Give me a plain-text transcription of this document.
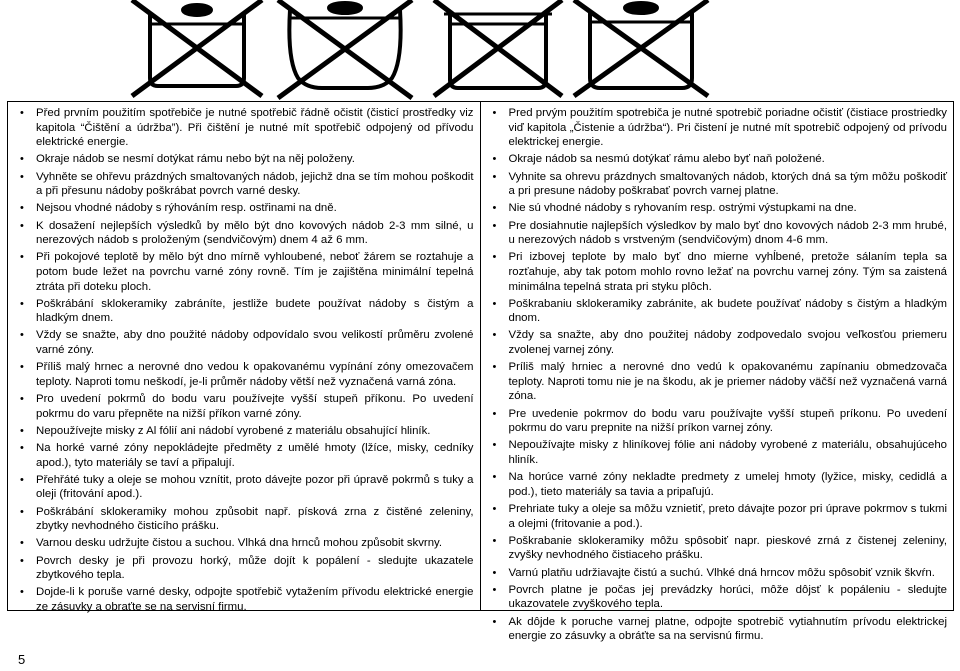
• Před prvním použitím spotřebiče je nutné spotřebič řádně očistit (čisticí prostředky viz kapitola “Čištění a údržba”). Při čištění je nutné mít spotřebič odpojený od přívodu elektrické energie.
• Okraje nádob se nesmí dotýkat rámu nebo být na něj položeny.
• Vyhněte se ohřevu prázdných smaltovaných nádob, jejichž dna se tím mohou poškodit a při přesunu nádoby poškrábat povrch varné desky.
• Nejsou vhodné nádoby s rýhováním resp. ostřinami na dně.
• K dosažení nejlepších výsledků by mělo být dno kovových nádob 2-3 mm silné, u nerezových nádob s proloženým (sendvičovým) dnem 4 až 6 mm.
• Při pokojové teplotě by mělo být dno mírně vyhloubené, neboť žárem se roztahuje a potom bude ležet na povrchu varné zóny rovně. Tím je zajištěna minimální tepelná ztráta při doteku ploch.
• Poškrábání sklokeramiky zabráníte, jestliže budete používat nádoby s čistým a hladkým dnem.
• Vždy se snažte, aby dno použité nádoby odpovídalo svou velikostí průměru zvolené varné zóny.
• Příliš malý hrnec a nerovné dno vedou k opakovanému vypínání zóny omezovačem teploty. Naproti tomu neškodí, je-li průměr nádoby větší než vyznačená varná zóna.
• Pro uvedení pokrmů do bodu varu používejte vyšší stupeň příkonu. Po uvedení pokrmu do varu přepněte na nižší příkon varné zóny.
• Nepoužívejte misky z Al fólií ani nádobí vyrobené z materiálu obsahující hliník.
• Na horké varné zóny nepokládejte předměty z umělé hmoty (lžíce, misky, cedníky apod.), tyto materiály se taví a připalují.
• Přehřáté tuky a oleje se mohou vznítit, proto dávejte pozor při úpravě pokrmů s tuky a oleji (fritování apod.).
• Poškrábání sklokeramiky mohou způsobit např. písková zrna z čistěné zeleniny, zbytky nevhodného čisticího prášku.
• Varnou desku udržujte čistou a suchou. Vlhká dna hrnců mohou způsobit skvrny.
• Povrch desky je při provozu horký, může dojít k popálení - sledujte ukazatele zbytkového tepla.
• Dojde-li k poruše varné desky, odpojte spotřebič vytažením přívodu elektrické energie ze zásuvky a obraťte se na servisní firmu.
• Pred prvým použitím spotrebiča je nutné spotrebič poriadne očistiť (čistiace prostriedky viď kapitola „Čistenie a údržba“). Pri čistení je nutné mít spotrebič odpojený od prívodu elektrickej energie.
• Okraje nádob sa nesmú dotýkať rámu alebo byť naň položené.
• Vyhnite sa ohrevu prázdnych smaltovaných nádob, ktorých dná sa tým môžu poškodiť a pri presune nádoby poškrabať povrch varnej platne.
• Nie sú vhodné nádoby s ryhovaním resp. ostrými výstupkami na dne.
• Pre dosiahnutie najlepších výsledkov by malo byť dno kovových nádob 2-3 mm hrubé, u nerezových nádob s vrstveným (sendvičovým) dnom 4-6 mm.
• Pri izbovej teplote by malo byť dno mierne vyhĺbené, pretože sálaním tepla sa rozťahuje, aby tak potom mohlo rovno ležať na povrchu varnej zóny. Tým sa zaistená minimálna tepelná strata pri styku plôch.
• Poškrabaniu sklokeramiky zabránite, ak budete používať nádoby s čistým a hladkým dnom.
• Vždy sa snažte, aby dno použitej nádoby zodpovedalo svojou veľkosťou priemeru zvolenej varnej zóny.
• Príliš malý hrniec a nerovné dno vedú k opakovanému zapínaniu obmedzovača teploty. Naproti tomu nie je na škodu, ak je priemer nádoby väčší než vyznačená varná zóna.
• Pre uvedenie pokrmov do bodu varu používajte vyšší stupeň príkonu. Po uvedení pokrmu do varu prepnite na nižší príkon varnej zóny.
• Nepoužívajte misky z hliníkovej fólie ani nádoby vyrobené z materiálu, obsahujúceho hliník.
• Na horúce varné zóny nekladte predmety z umelej hmoty (lyžice, misky, cedidlá a pod.), tieto materiály sa tavia a pripaľujú.
• Prehriate tuky a oleje sa môžu vznietiť, preto dávajte pozor pri úprave pokrmov s tukmi a olejmi (fritovanie a pod.).
• Poškrabanie sklokeramiky môžu spôsobiť napr. pieskové zrná z čistenej zeleniny, zvyšky nevhodného čistiaceho prášku.
• Varnú platňu udržiavajte čistú a suchú. Vlhké dná hrncov môžu spôsobiť vznik škvŕn.
• Povrch platne je počas jej prevádzky horúci, môže dôjsť k popáleniu - sledujte ukazovatele zvyškového tepla.
• Ak dôjde k poruche varnej platne, odpojte spotrebič vytiahnutím prívodu elektrickej energie zo zásuvky a obráťte sa na servisnú firmu.
5
